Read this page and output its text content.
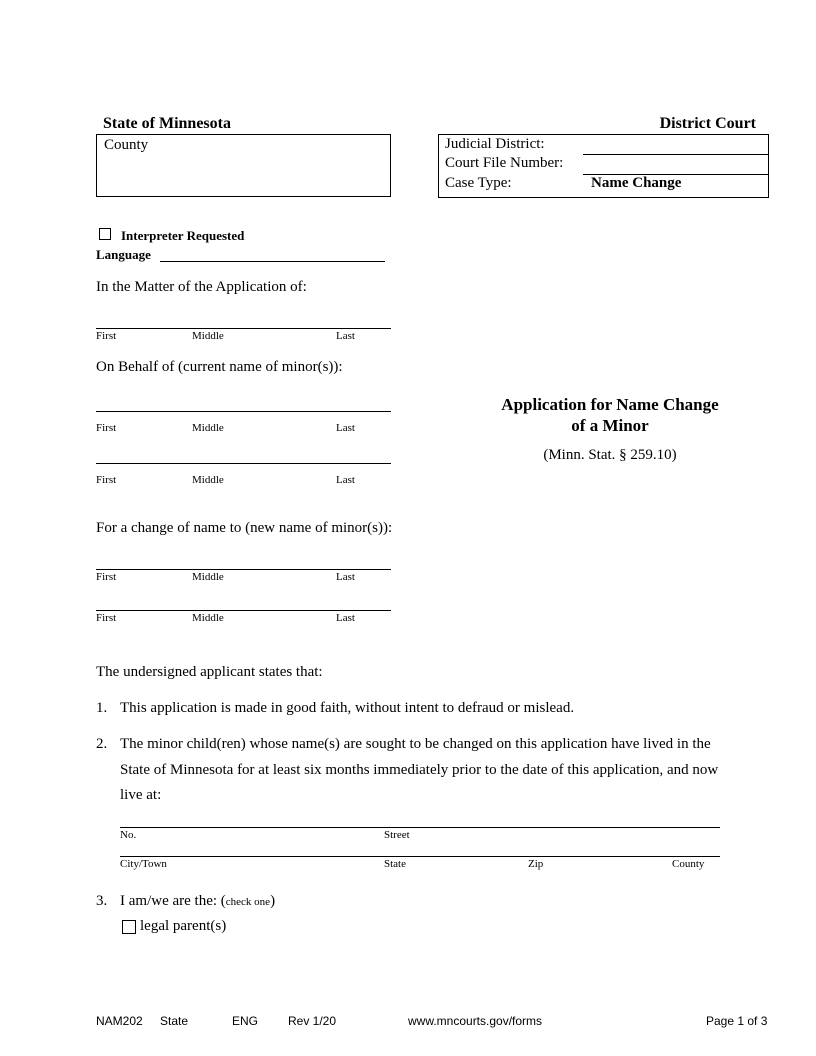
State of Minnesota	District Court
County	Judicial District:
Court File Number:
Case Type:	Name Change
Interpreter Requested
Language
In the Matter of the Application of:
First	Middle	Last
On Behalf of (current name of minor(s)):
First	Middle	Last
First	Middle	Last
Application for Name Change
of a Minor
(Minn. Stat. § 259.10)
For a change of name to (new name of minor(s)):
First	Middle	Last
First	Middle	Last
The undersigned applicant states that:
1. This application is made in good faith, without intent to defraud or mislead.
2. The minor child(ren) whose name(s) are sought to be changed on this application have lived in the
State of Minnesota for at least six months immediately prior to the date of this application, and now
live at:
No.	Street
City/Town	State	Zip	County
3. I am/we are the: (check one)
legal parent(s)
NAM202 State	ENG Rev 1/20	www.mncourts.gov/forms	Page 1 of 3
